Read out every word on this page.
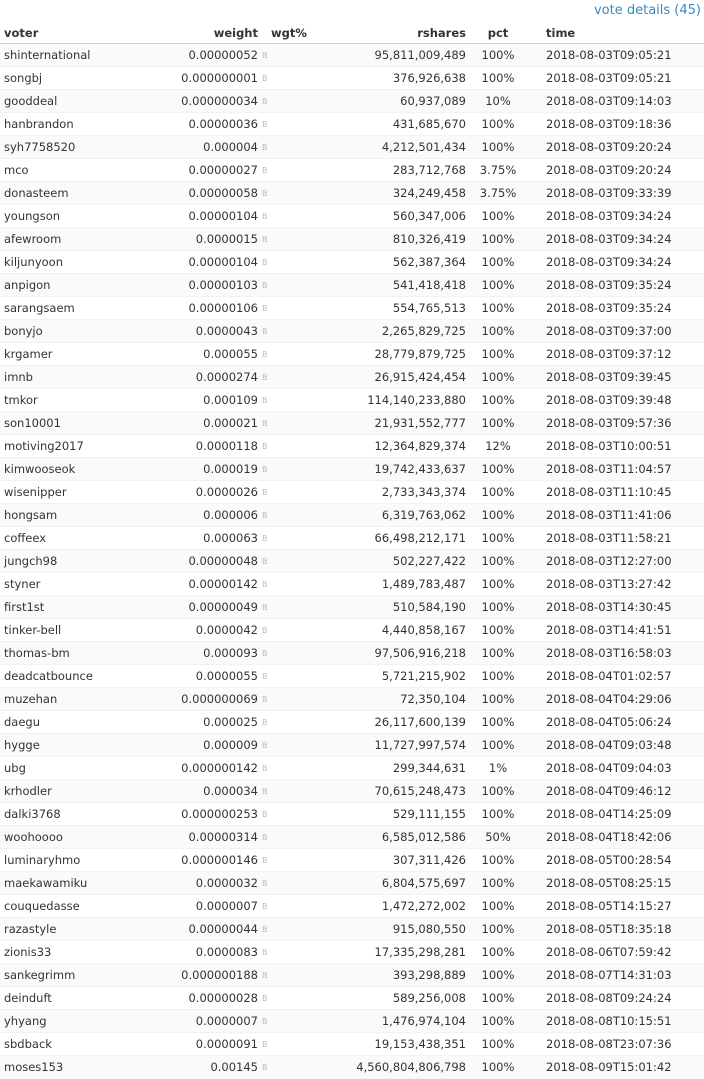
vote details (45)
voter	weight		wgt%	rshares	pct	time
shinternational	0.00000052	B		95,811,009,489	100%	2018-08-03T09:05:21
songbj	0.000000001	B		376,926,638	100%	2018-08-03T09:05:21
gooddeal	0.000000034	B		60,937,089	10%	2018-08-03T09:14:03
hanbrandon	0.00000036	B		431,685,670	100%	2018-08-03T09:18:36
syh7758520	0.000004	B		4,212,501,434	100%	2018-08-03T09:20:24
mco	0.00000027	B		283,712,768	3.75%	2018-08-03T09:20:24
donasteem	0.00000058	B		324,249,458	3.75%	2018-08-03T09:33:39
youngson	0.00000104	B		560,347,006	100%	2018-08-03T09:34:24
afewroom	0.0000015	B		810,326,419	100%	2018-08-03T09:34:24
kiljunyoon	0.00000104	B		562,387,364	100%	2018-08-03T09:34:24
anpigon	0.00000103	B		541,418,418	100%	2018-08-03T09:35:24
sarangsaem	0.00000106	B		554,765,513	100%	2018-08-03T09:35:24
bonyjo	0.0000043	B		2,265,829,725	100%	2018-08-03T09:37:00
krgamer	0.000055	B		28,779,879,725	100%	2018-08-03T09:37:12
imnb	0.0000274	B		26,915,424,454	100%	2018-08-03T09:39:45
tmkor	0.000109	B		114,140,233,880	100%	2018-08-03T09:39:48
son10001	0.000021	B		21,931,552,777	100%	2018-08-03T09:57:36
motiving2017	0.0000118	B		12,364,829,374	12%	2018-08-03T10:00:51
kimwooseok	0.000019	B		19,742,433,637	100%	2018-08-03T11:04:57
wisenipper	0.0000026	B		2,733,343,374	100%	2018-08-03T11:10:45
hongsam	0.000006	B		6,319,763,062	100%	2018-08-03T11:41:06
coffeex	0.000063	B		66,498,212,171	100%	2018-08-03T11:58:21
jungch98	0.00000048	B		502,227,422	100%	2018-08-03T12:27:00
styner	0.00000142	B		1,489,783,487	100%	2018-08-03T13:27:42
first1st	0.00000049	B		510,584,190	100%	2018-08-03T14:30:45
tinker-bell	0.0000042	B		4,440,858,167	100%	2018-08-03T14:41:51
thomas-bm	0.000093	B		97,506,916,218	100%	2018-08-03T16:58:03
deadcatbounce	0.0000055	B		5,721,215,902	100%	2018-08-04T01:02:57
muzehan	0.000000069	B		72,350,104	100%	2018-08-04T04:29:06
daegu	0.000025	B		26,117,600,139	100%	2018-08-04T05:06:24
hygge	0.000009	B		11,727,997,574	100%	2018-08-04T09:03:48
ubg	0.000000142	B		299,344,631	1%	2018-08-04T09:04:03
krhodler	0.000034	B		70,615,248,473	100%	2018-08-04T09:46:12
dalki3768	0.000000253	B		529,111,155	100%	2018-08-04T14:25:09
woohoooo	0.00000314	B		6,585,012,586	50%	2018-08-04T18:42:06
luminaryhmo	0.000000146	B		307,311,426	100%	2018-08-05T00:28:54
maekawamiku	0.0000032	B		6,804,575,697	100%	2018-08-05T08:25:15
couquedasse	0.0000007	B		1,472,272,002	100%	2018-08-05T14:15:27
razastyle	0.00000044	B		915,080,550	100%	2018-08-05T18:35:18
zionis33	0.0000083	B		17,335,298,281	100%	2018-08-06T07:59:42
sankegrimm	0.000000188	B		393,298,889	100%	2018-08-07T14:31:03
deinduft	0.00000028	B		589,256,008	100%	2018-08-08T09:24:24
yhyang	0.0000007	B		1,476,974,104	100%	2018-08-08T10:15:51
sbdback	0.0000091	B		19,153,438,351	100%	2018-08-08T23:07:36
moses153	0.00145	B		4,560,804,806,798	100%	2018-08-09T15:01:42
